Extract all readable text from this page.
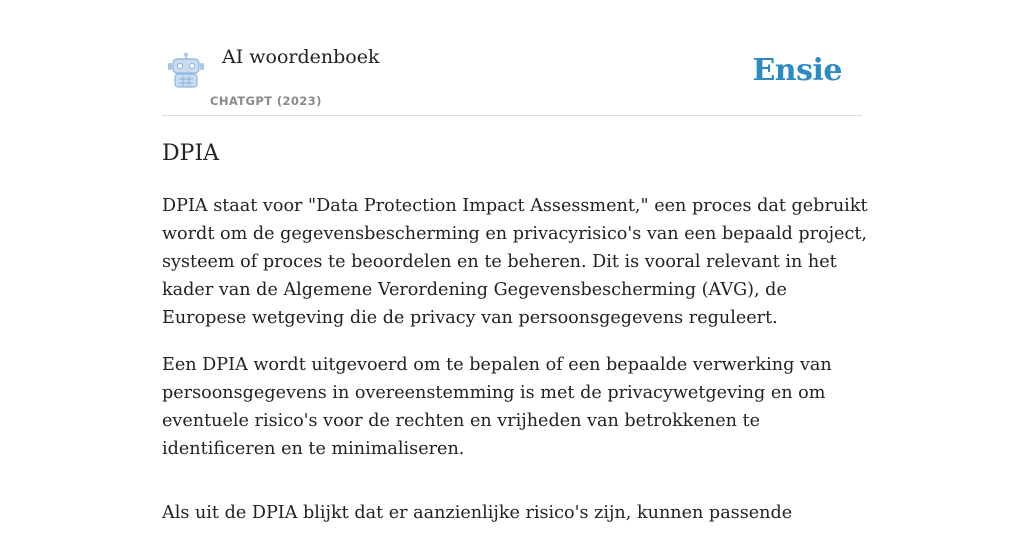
AI woordenboek
CHATGPT (2023)
Ensie
DPIA

DPIA staat voor "Data Protection Impact Assessment," een proces dat gebruikt wordt om de gegevensbescherming en privacyrisico's van een bepaald project, systeem of proces te beoordelen en te beheren. Dit is vooral relevant in het kader van de Algemene Verordening Gegevensbescherming (AVG), de Europese wetgeving die de privacy van persoonsgegevens reguleert.

Een DPIA wordt uitgevoerd om te bepalen of een bepaalde verwerking van persoonsgegevens in overeenstemming is met de privacywetgeving en om eventuele risico's voor de rechten en vrijheden van betrokkenen te identificeren en te minimaliseren.

Als uit de DPIA blijkt dat er aanzienlijke risico's zijn, kunnen passende
